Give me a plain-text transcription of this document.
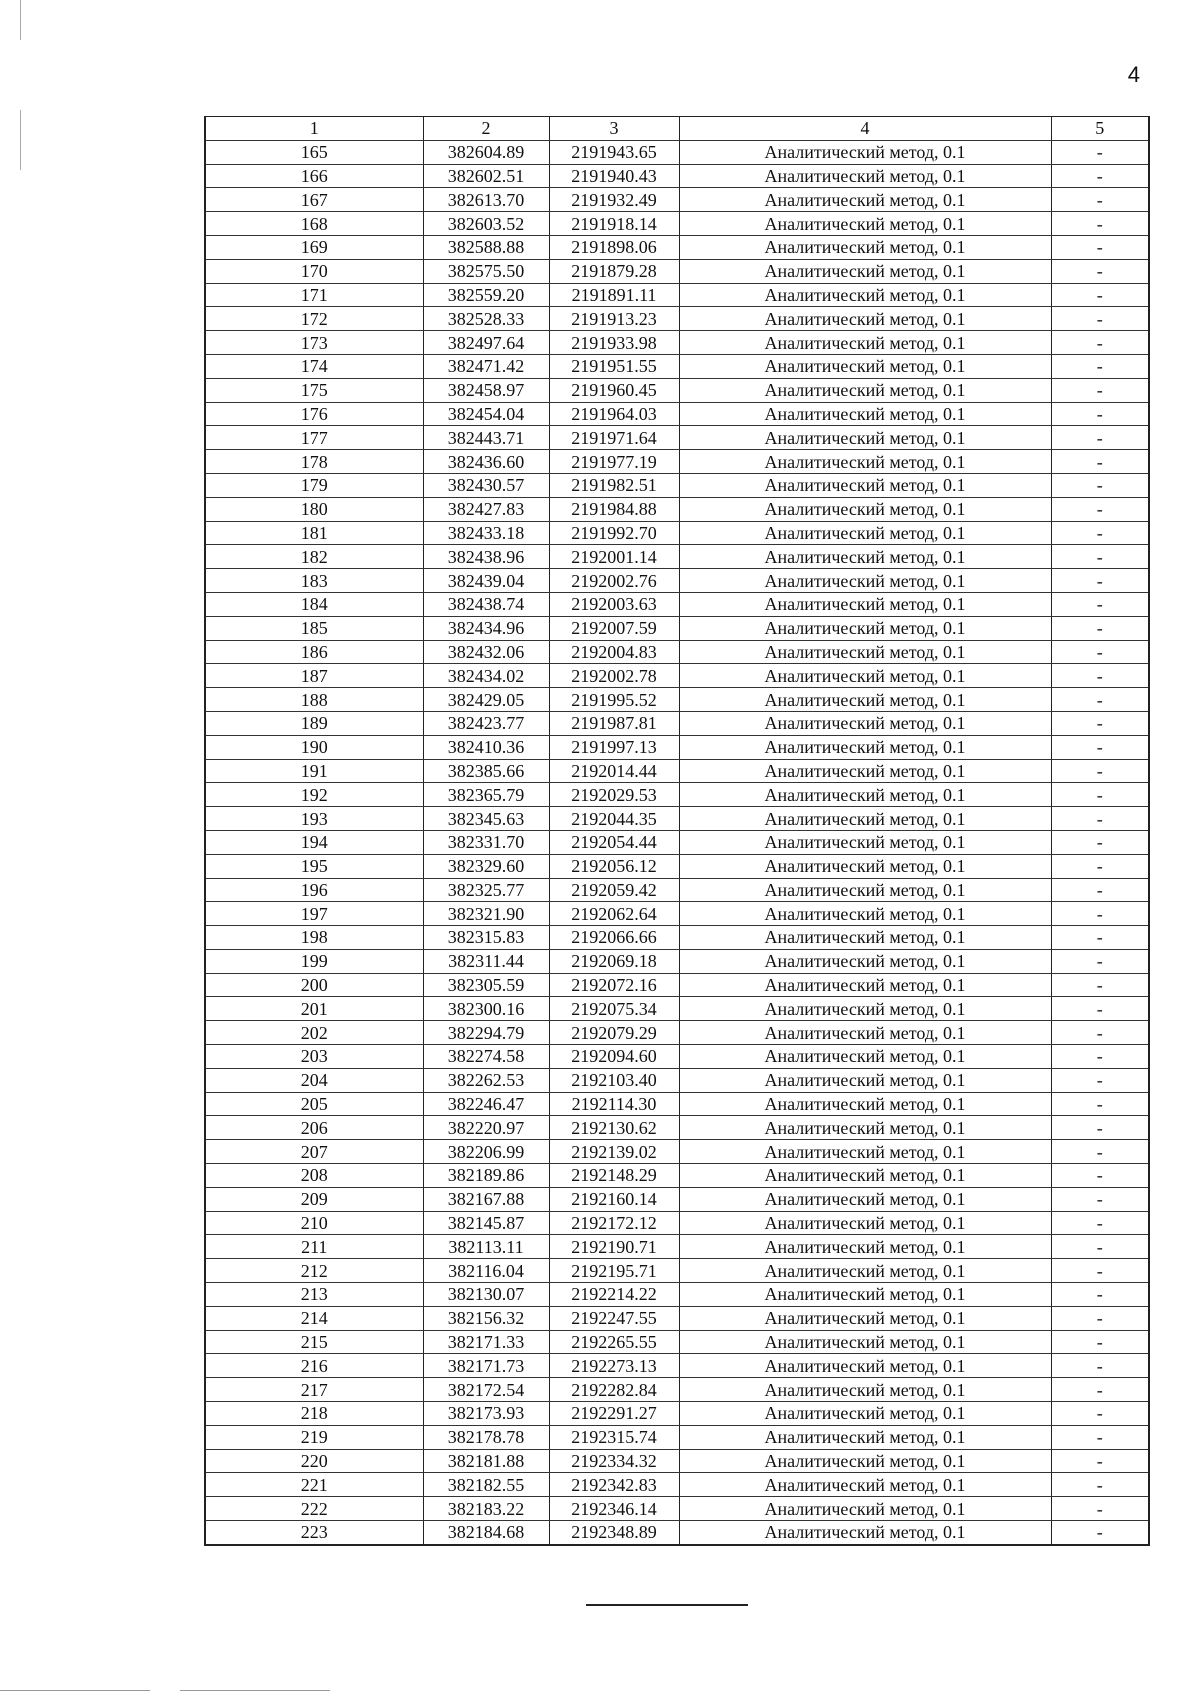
4
1	2	3	4	5
165	382604.89	2191943.65	Аналитический метод, 0.1	-
166	382602.51	2191940.43	Аналитический метод, 0.1	-
167	382613.70	2191932.49	Аналитический метод, 0.1	-
168	382603.52	2191918.14	Аналитический метод, 0.1	-
169	382588.88	2191898.06	Аналитический метод, 0.1	-
170	382575.50	2191879.28	Аналитический метод, 0.1	-
171	382559.20	2191891.11	Аналитический метод, 0.1	-
172	382528.33	2191913.23	Аналитический метод, 0.1	-
173	382497.64	2191933.98	Аналитический метод, 0.1	-
174	382471.42	2191951.55	Аналитический метод, 0.1	-
175	382458.97	2191960.45	Аналитический метод, 0.1	-
176	382454.04	2191964.03	Аналитический метод, 0.1	-
177	382443.71	2191971.64	Аналитический метод, 0.1	-
178	382436.60	2191977.19	Аналитический метод, 0.1	-
179	382430.57	2191982.51	Аналитический метод, 0.1	-
180	382427.83	2191984.88	Аналитический метод, 0.1	-
181	382433.18	2191992.70	Аналитический метод, 0.1	-
182	382438.96	2192001.14	Аналитический метод, 0.1	-
183	382439.04	2192002.76	Аналитический метод, 0.1	-
184	382438.74	2192003.63	Аналитический метод, 0.1	-
185	382434.96	2192007.59	Аналитический метод, 0.1	-
186	382432.06	2192004.83	Аналитический метод, 0.1	-
187	382434.02	2192002.78	Аналитический метод, 0.1	-
188	382429.05	2191995.52	Аналитический метод, 0.1	-
189	382423.77	2191987.81	Аналитический метод, 0.1	-
190	382410.36	2191997.13	Аналитический метод, 0.1	-
191	382385.66	2192014.44	Аналитический метод, 0.1	-
192	382365.79	2192029.53	Аналитический метод, 0.1	-
193	382345.63	2192044.35	Аналитический метод, 0.1	-
194	382331.70	2192054.44	Аналитический метод, 0.1	-
195	382329.60	2192056.12	Аналитический метод, 0.1	-
196	382325.77	2192059.42	Аналитический метод, 0.1	-
197	382321.90	2192062.64	Аналитический метод, 0.1	-
198	382315.83	2192066.66	Аналитический метод, 0.1	-
199	382311.44	2192069.18	Аналитический метод, 0.1	-
200	382305.59	2192072.16	Аналитический метод, 0.1	-
201	382300.16	2192075.34	Аналитический метод, 0.1	-
202	382294.79	2192079.29	Аналитический метод, 0.1	-
203	382274.58	2192094.60	Аналитический метод, 0.1	-
204	382262.53	2192103.40	Аналитический метод, 0.1	-
205	382246.47	2192114.30	Аналитический метод, 0.1	-
206	382220.97	2192130.62	Аналитический метод, 0.1	-
207	382206.99	2192139.02	Аналитический метод, 0.1	-
208	382189.86	2192148.29	Аналитический метод, 0.1	-
209	382167.88	2192160.14	Аналитический метод, 0.1	-
210	382145.87	2192172.12	Аналитический метод, 0.1	-
211	382113.11	2192190.71	Аналитический метод, 0.1	-
212	382116.04	2192195.71	Аналитический метод, 0.1	-
213	382130.07	2192214.22	Аналитический метод, 0.1	-
214	382156.32	2192247.55	Аналитический метод, 0.1	-
215	382171.33	2192265.55	Аналитический метод, 0.1	-
216	382171.73	2192273.13	Аналитический метод, 0.1	-
217	382172.54	2192282.84	Аналитический метод, 0.1	-
218	382173.93	2192291.27	Аналитический метод, 0.1	-
219	382178.78	2192315.74	Аналитический метод, 0.1	-
220	382181.88	2192334.32	Аналитический метод, 0.1	-
221	382182.55	2192342.83	Аналитический метод, 0.1	-
222	382183.22	2192346.14	Аналитический метод, 0.1	-
223	382184.68	2192348.89	Аналитический метод, 0.1	-
